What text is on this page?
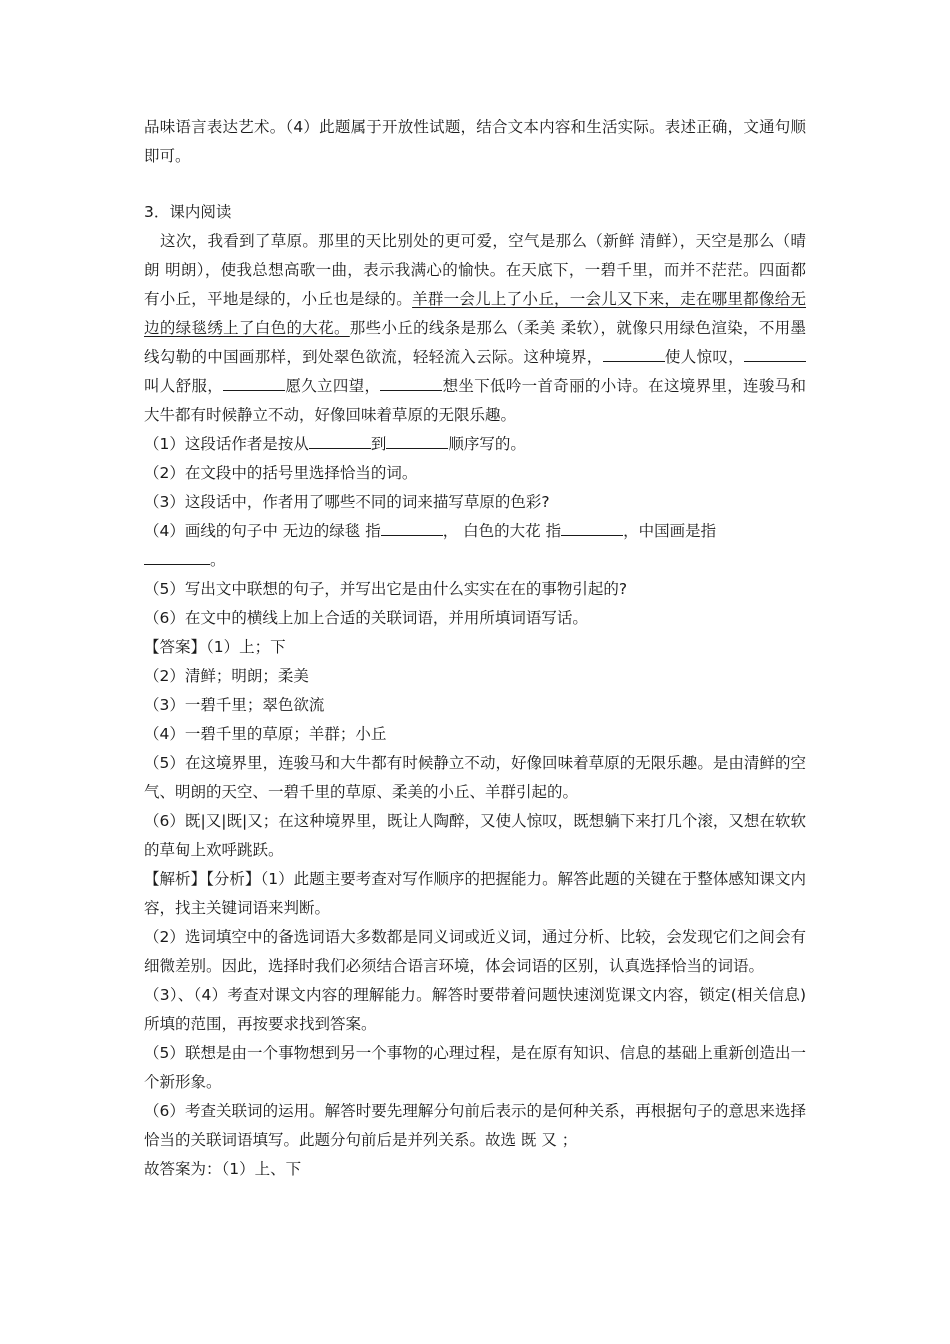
品味语言表达艺术。（4）此题属于开放性试题，结合文本内容和生活实际。表述正确，文通句顺即可。

3．课内阅读

这次，我看到了草原。那里的天比别处的更可爱，空气是那么（新鲜 清鲜），天空是那么（晴朗 明朗），使我总想高歌一曲，表示我满心的愉快。在天底下，一碧千里，而并不茫茫。四面都有小丘，平地是绿的，小丘也是绿的。羊群一会儿上了小丘，一会儿又下来，走在哪里都像给无边的绿毯绣上了白色的大花。那些小丘的线条是那么（柔美 柔软），就像只用绿色渲染，不用墨线勾勒的中国画那样，到处翠色欲流，轻轻流入云际。这种境界，	使人惊叹，叫人舒服，	愿久立四望，	想坐下低吟一首奇丽的小诗。在这境界里，连骏马和大牛都有时候静立不动，好像回味着草原的无限乐趣。

（1）这段话作者是按从	到	顺序写的。

（2）在文段中的括号里选择恰当的词。

（3）这段话中，作者用了哪些不同的词来描写草原的色彩?

（4）画线的句子中 无边的绿毯 指	， 白色的大花 指	，中国画是指
。

（5）写出文中联想的句子，并写出它是由什么实实在在的事物引起的?

（6）在文中的横线上加上合适的关联词语，并用所填词语写话。

【答案】（1）上；下

（2）清鲜；明朗；柔美

（3）一碧千里；翠色欲流

（4）一碧千里的草原；羊群；小丘

（5）在这境界里，连骏马和大牛都有时候静立不动，好像回味着草原的无限乐趣。是由清鲜的空气、明朗的天空、一碧千里的草原、柔美的小丘、羊群引起的。

（6）既|又|既|又；在这种境界里，既让人陶醉，又使人惊叹，既想躺下来打几个滚，又想在软软的草甸上欢呼跳跃。

【解析】【分析】（1）此题主要考查对写作顺序的把握能力。解答此题的关键在于整体感知课文内容，找主关键词语来判断。

（2）选词填空中的备选词语大多数都是同义词或近义词，通过分析、比较，会发现它们之间会有细微差别。因此，选择时我们必须结合语言环境，体会词语的区别，认真选择恰当的词语。

（3）、（4）考查对课文内容的理解能力。解答时要带着问题快速浏览课文内容，锁定(相关信息)所填的范围，再按要求找到答案。

（5）联想是由一个事物想到另一个事物的心理过程，是在原有知识、信息的基础上重新创造出一个新形象。

（6）考查关联词的运用。解答时要先理解分句前后表示的是何种关系，再根据句子的意思来选择恰当的关联词语填写。此题分句前后是并列关系。故选 既 又 ；

故答案为：（1）上、下
